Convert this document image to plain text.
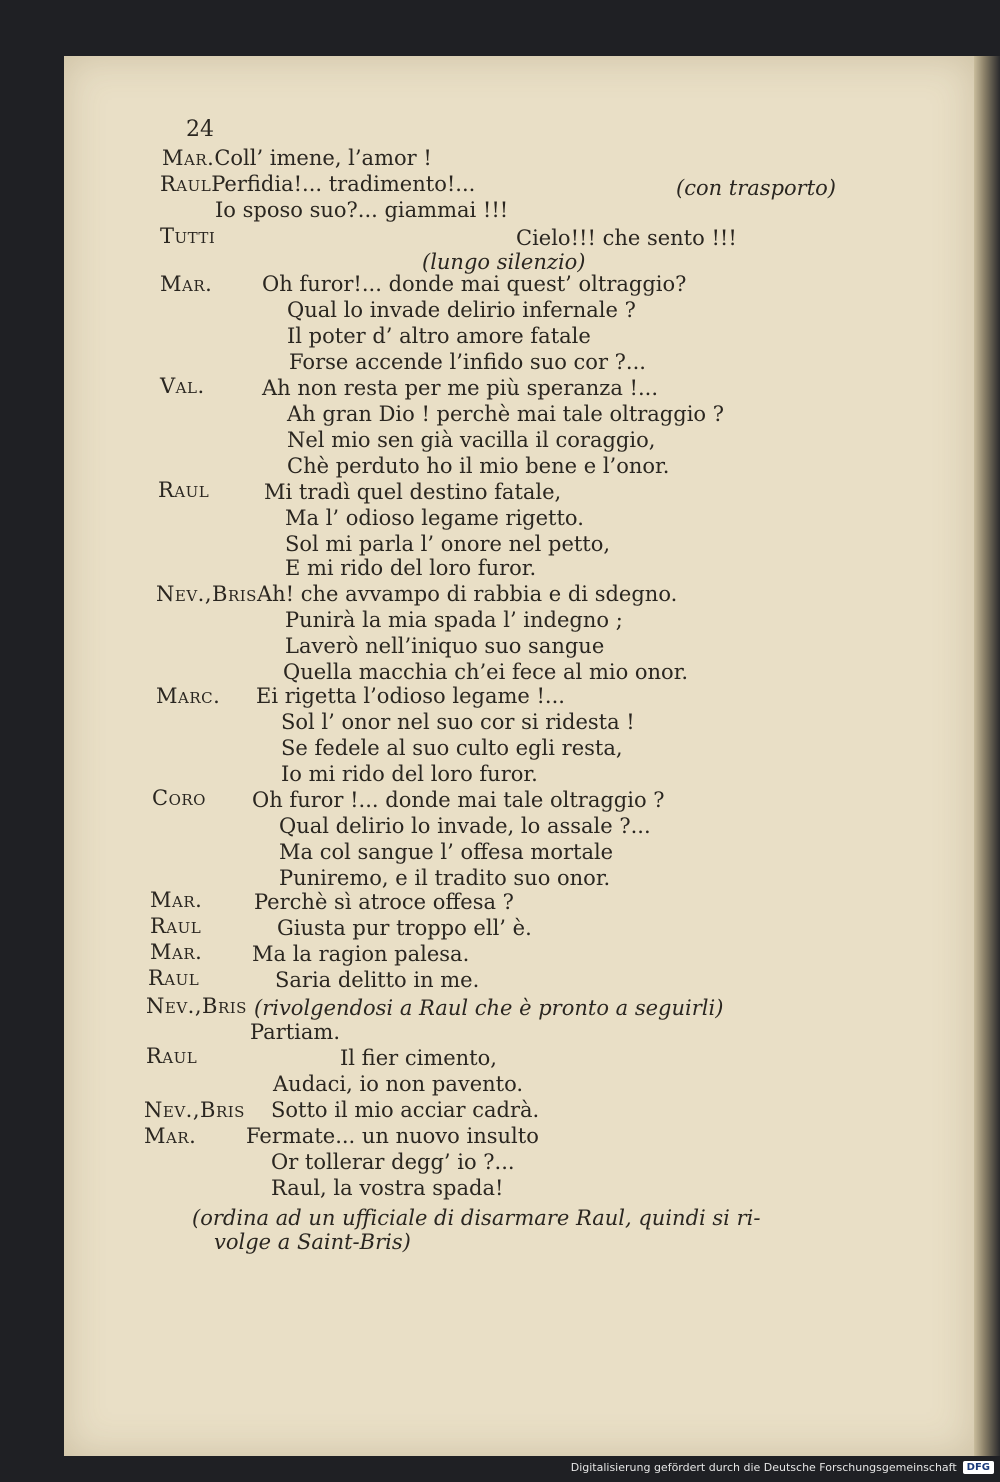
24
Mar.Coll’ imene, l’amor !
RaulPerfidia!... tradimento!...	(con trasporto)
Io sposo suo?... giammai !!!
Tutti	Cielo!!! che sento !!!
(lungo silenzio)
Mar. Oh furor!... donde mai quest’ oltraggio?
Qual lo invade delirio infernale ?
Il poter d’ altro amore fatale
Forse accende l’infido suo cor ?...
Val.	Ah non resta per me più speranza !...
Ah gran Dio ! perchè mai tale oltraggio ?
Nel mio sen già vacilla il coraggio,
Chè perduto ho il mio bene e l’onor.
Raul	Mi tradì quel destino fatale,
Ma l’ odioso legame rigetto.
Sol mi parla l’ onore nel petto,
E mi rido del loro furor.
Nev.,BrisAh! che avvampo di rabbia e di sdegno.
Punirà la mia spada l’ indegno ;
Laverò nell’iniquo suo sangue
Quella macchia ch’ei fece al mio onor.
Marc. Ei rigetta l’odioso legame !...
Sol l’ onor nel suo cor si ridesta !
Se fedele al suo culto egli resta,
Io mi rido del loro furor.
Coro Oh furor !... donde mai tale oltraggio ?
Qual delirio lo invade, lo assale ?...
Ma col sangue l’ offesa mortale
Puniremo, e il tradito suo onor.
Mar. Perchè sì atroce offesa ?
Raul	Giusta pur troppo ell’ è.
Mar. Ma la ragion palesa.
Raul	Saria delitto in me.
Nev.,Bris (rivolgendosi a Raul che è pronto a seguirli)
Partiam.
Raul	Il fier cimento,
Audaci, io non pavento.
Nev.,Bris Sotto il mio acciar cadrà.
Mar. Fermate... un nuovo insulto
Or tollerar degg’ io ?...
Raul, la vostra spada!
(ordina ad un ufficiale di disarmare Raul, quindi si ri-
volge a Saint-Bris)
Digitalisierung gefördert durch die Deutsche Forschungsgemeinschaft	DFG
